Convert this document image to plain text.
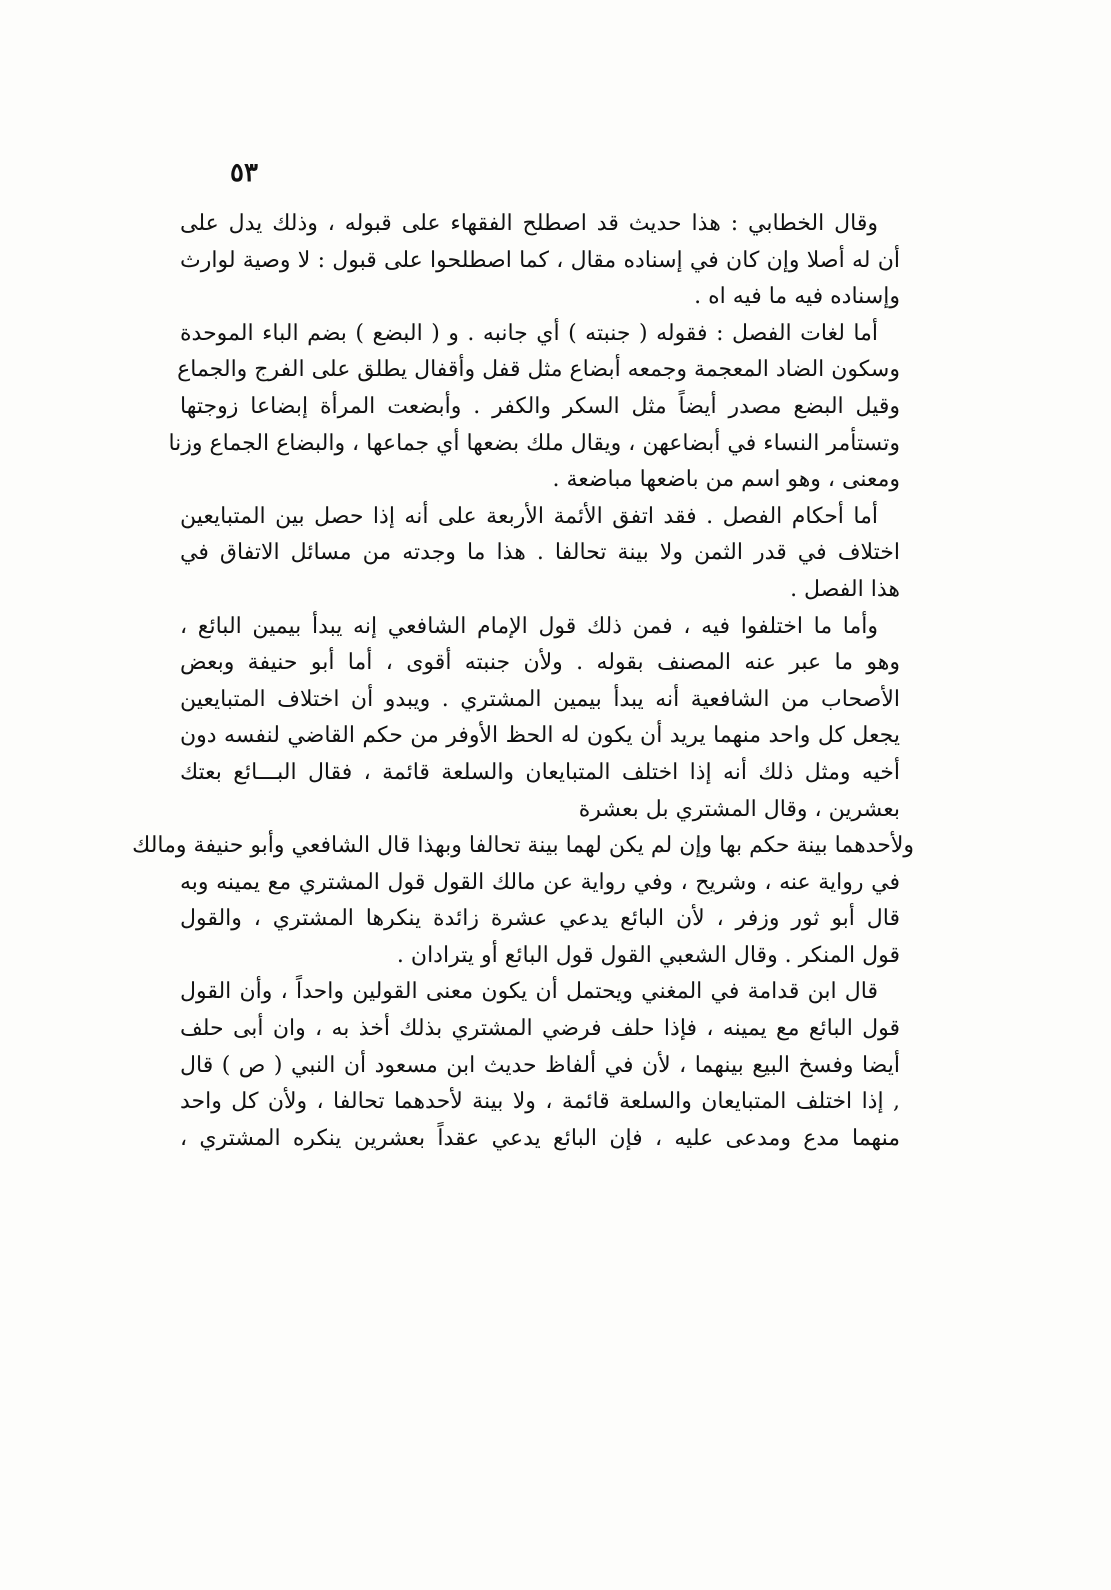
٥٣
وقال الخطابي : هذا حديث قد اصطلح الفقهاء على قبوله ، وذلك يدل على
أن له أصلا وإن كان في إسناده مقال ، كما اصطلحوا على قبول : لا وصية لوارث
وإسناده فيه ما فيه اه .
أما لغات الفصل : فقوله ( جنبته ) أي جانبه . و ( البضع ) بضم الباء الموحدة
وسكون الضاد المعجمة وجمعه أبضاع مثل قفل وأقفال يطلق على الفرج والجماع
وقيل البضع مصدر أيضاً مثل السكر والكفر . وأبضعت المرأة إبضاعا زوجتها
وتستأمر النساء في أبضاعهن ، ويقال ملك بضعها أي جماعها ، والبضاع الجماع وزنا
ومعنى ، وهو اسم من باضعها مباضعة .
أما أحكام الفصل . فقد اتفق الأئمة الأربعة على أنه إذا حصل بين المتبايعين
اختلاف في قدر الثمن ولا بينة تحالفا . هذا ما وجدته من مسائل الاتفاق في
هذا الفصل .
وأما ما اختلفوا فيه ، فمن ذلك قول الإمام الشافعي إنه يبدأ بيمين البائع ،
وهو ما عبر عنه المصنف بقوله . ولأن جنبته أقوى ، أما أبو حنيفة وبعض
الأصحاب من الشافعية أنه يبدأ بيمين المشتري . ويبدو أن اختلاف المتبايعين
يجعل كل واحد منهما يريد أن يكون له الحظ الأوفر من حكم القاضي لنفسه دون
أخيه ومثل ذلك أنه إذا اختلف المتبايعان والسلعة قائمة ، فقال البـــائع بعتك
بعشرين ، وقال المشتري بل بعشرة
ولأحدهما بينة حكم بها وإن لم يكن لهما بينة تحالفا وبهذا قال الشافعي وأبو حنيفة ومالك
في رواية عنه ، وشريح ، وفي رواية عن مالك القول قول المشتري مع يمينه وبه
قال أبو ثور وزفر ، لأن البائع يدعي عشرة زائدة ينكرها المشتري ، والقول
قول المنكر . وقال الشعبي القول قول البائع أو يترادان .
قال ابن قدامة في المغني ويحتمل أن يكون معنى القولين واحداً ، وأن القول
قول البائع مع يمينه ، فإذا حلف فرضي المشتري بذلك أخذ به ، وان أبى حلف
أيضا وفسخ البيع بينهما ، لأن في ألفاظ حديث ابن مسعود أن النبي ( ص ) قال
, إذا اختلف المتبايعان والسلعة قائمة ، ولا بينة لأحدهما تحالفا ، ولأن كل واحد
منهما مدع ومدعى عليه ، فإن البائع يدعي عقداً بعشرين ينكره المشتري ،
